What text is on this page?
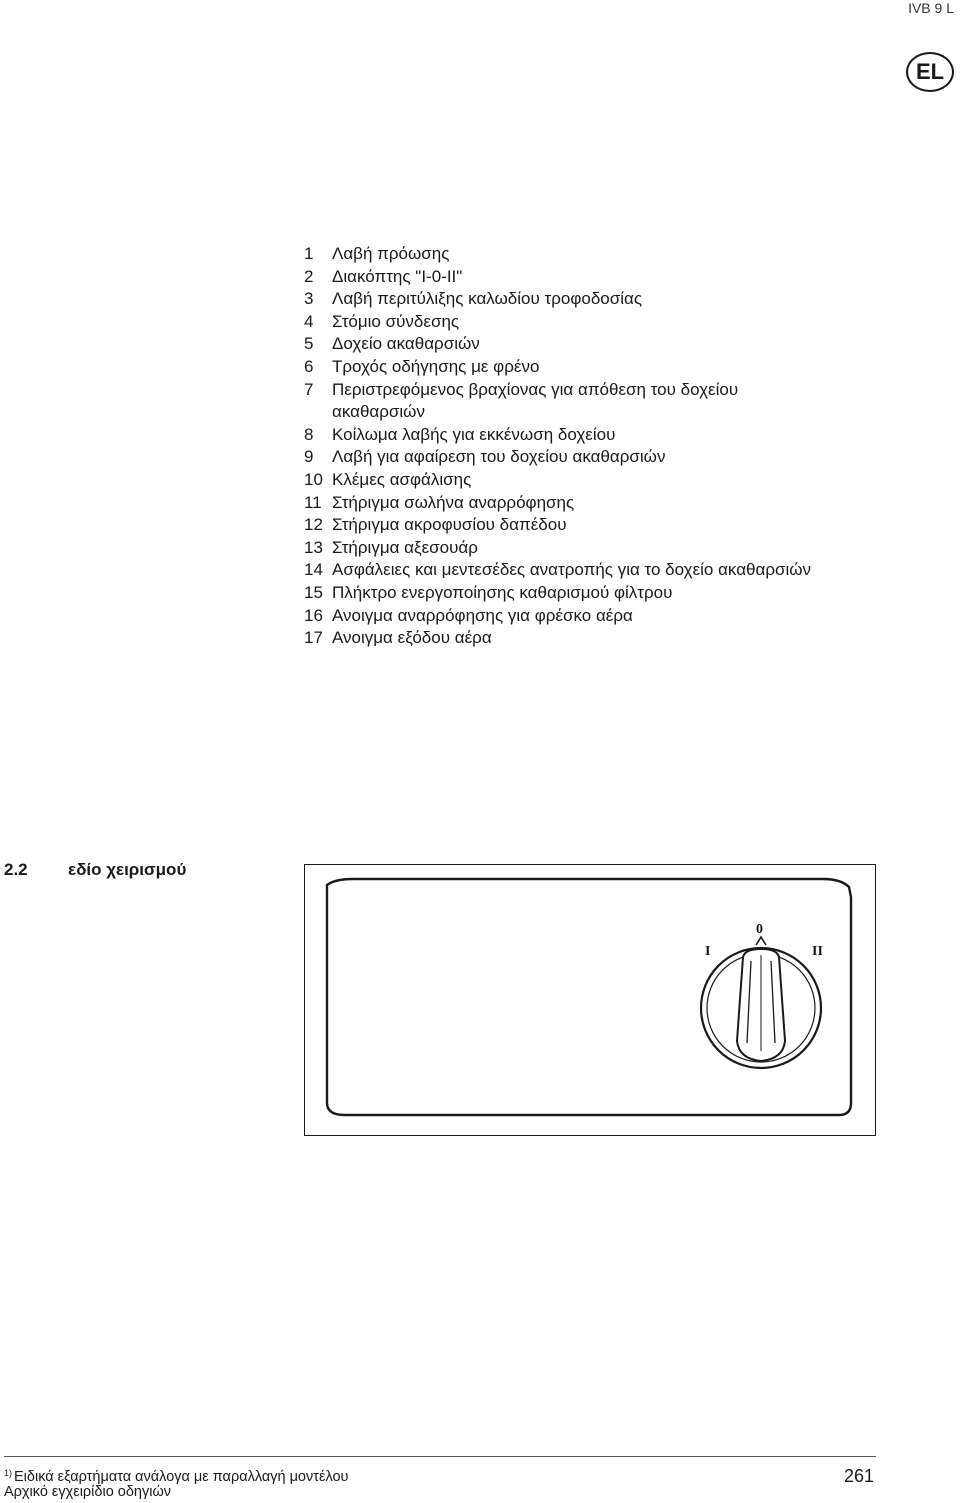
IVB 9 L
EL
1	Λαβή πρόωσης
2	Διακόπτης "I-0-II"
3	Λαβή περιτύλιξης καλωδίου τροφοδοσίας
4	Στόμιο σύνδεσης
5	Δοχείο ακαθαρσιών
6	Τροχός οδήγησης με φρένο
7	Περιστρεφόμενος βραχίονας για απόθεση του δοχείου ακαθαρσιών
8	Κοίλωμα λαβής για εκκένωση δοχείου
9	Λαβή για αφαίρεση του δοχείου ακαθαρσιών
10 Κλέμες ασφάλισης
11 Στήριγμα σωλήνα αναρρόφησης
12 Στήριγμα ακροφυσίου δαπέδου
13 Στήριγμα αξεσουάρ
14 Ασφάλειες και μεντεσέδες ανατροπής για το δοχείο ακαθαρσιών
15 Πλήκτρο ενεργοποίησης καθαρισμού φίλτρου
16 Ανοιγμα αναρρόφησης για φρέσκο αέρα
17 Ανοιγμα εξόδου αέρα
2.2	εδίο χειρισμού
I
0
II
$^{1)}$ Ειδικά εξαρτήματα ανάλογα με παραλλαγή μοντέλου
Αρχικό εγχειρίδιο οδηγιών
261
